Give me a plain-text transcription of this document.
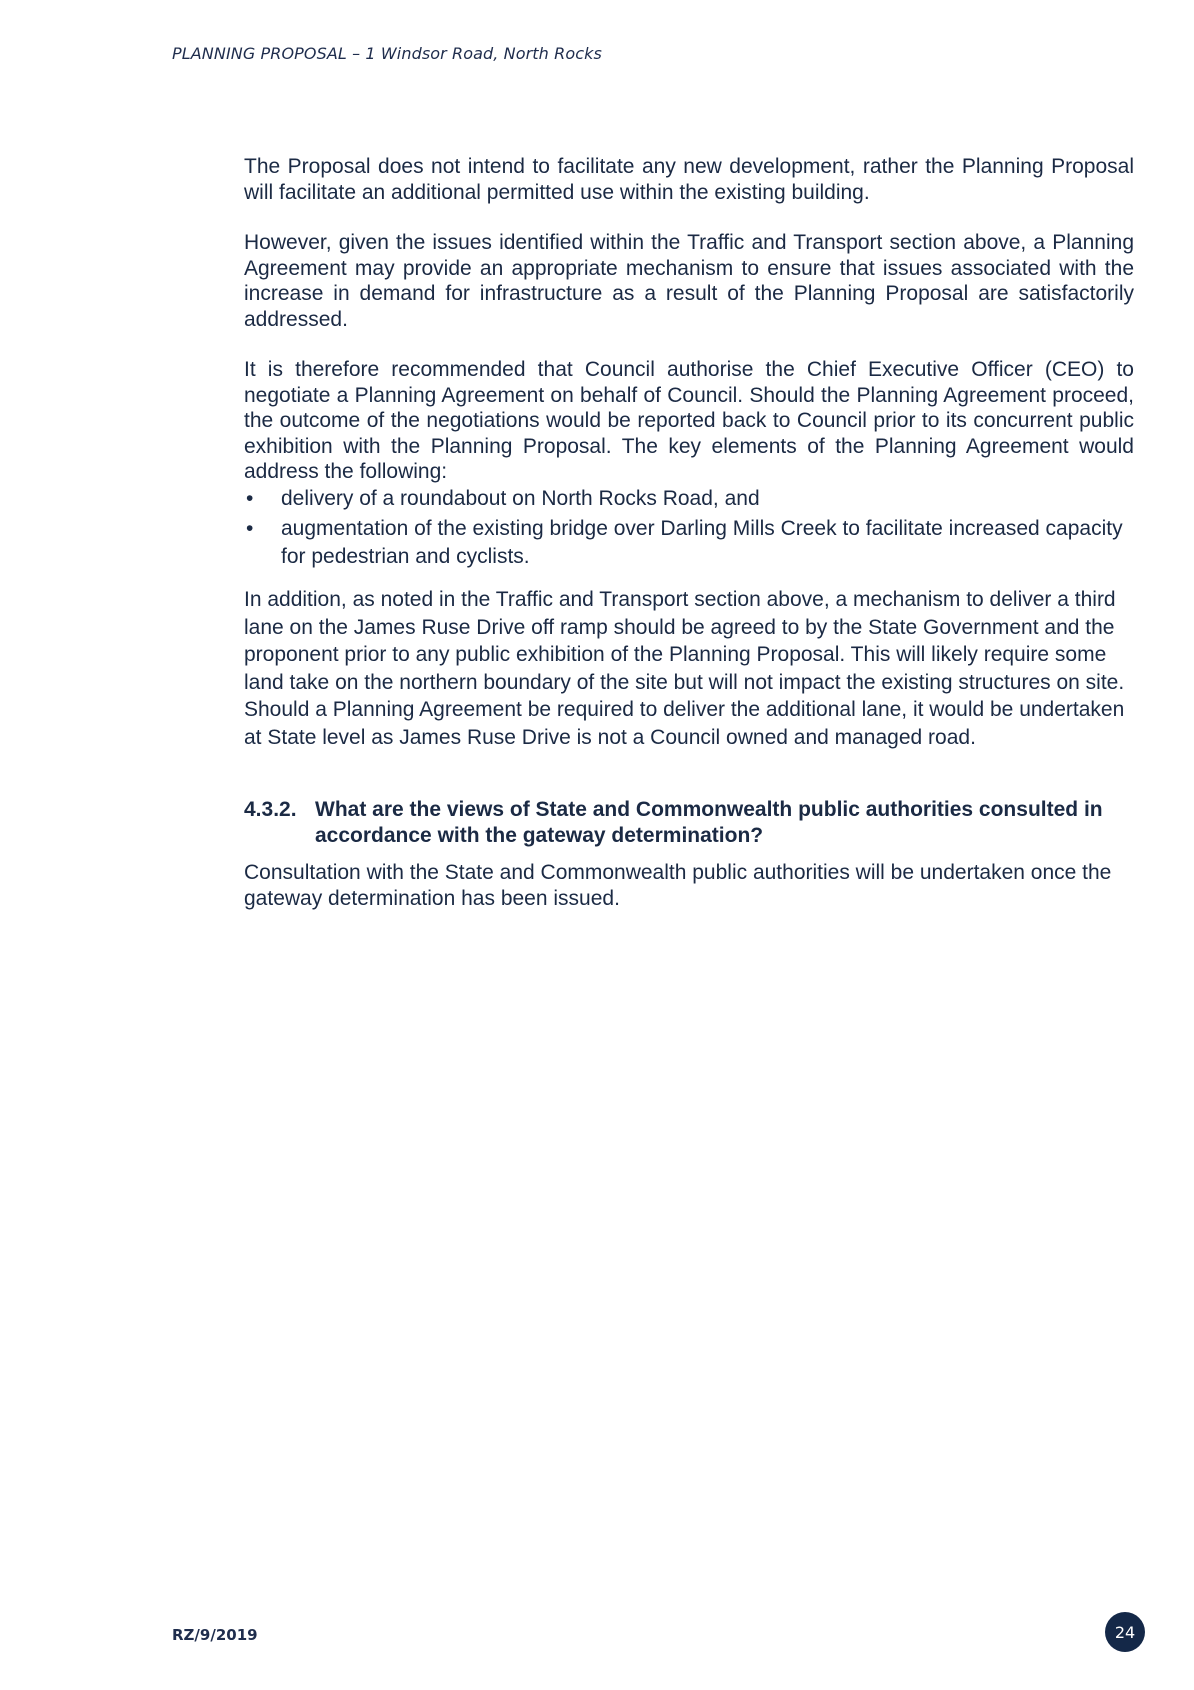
PLANNING PROPOSAL – 1 Windsor Road, North Rocks
The Proposal does not intend to facilitate any new development, rather the Planning Proposal will facilitate an additional permitted use within the existing building.
However, given the issues identified within the Traffic and Transport section above, a Planning Agreement may provide an appropriate mechanism to ensure that issues associated with the increase in demand for infrastructure as a result of the Planning Proposal are satisfactorily addressed.
It is therefore recommended that Council authorise the Chief Executive Officer (CEO) to negotiate a Planning Agreement on behalf of Council. Should the Planning Agreement proceed, the outcome of the negotiations would be reported back to Council prior to its concurrent public exhibition with the Planning Proposal. The key elements of the Planning Agreement would address the following:
• delivery of a roundabout on North Rocks Road, and
• augmentation of the existing bridge over Darling Mills Creek to facilitate increased capacity for pedestrian and cyclists.
In addition, as noted in the Traffic and Transport section above, a mechanism to deliver a third lane on the James Ruse Drive off ramp should be agreed to by the State Government and the proponent prior to any public exhibition of the Planning Proposal. This will likely require some land take on the northern boundary of the site but will not impact the existing structures on site. Should a Planning Agreement be required to deliver the additional lane, it would be undertaken at State level as James Ruse Drive is not a Council owned and managed road.
4.3.2. What are the views of State and Commonwealth public authorities consulted in accordance with the gateway determination?
Consultation with the State and Commonwealth public authorities will be undertaken once the gateway determination has been issued.
RZ/9/2019	24
